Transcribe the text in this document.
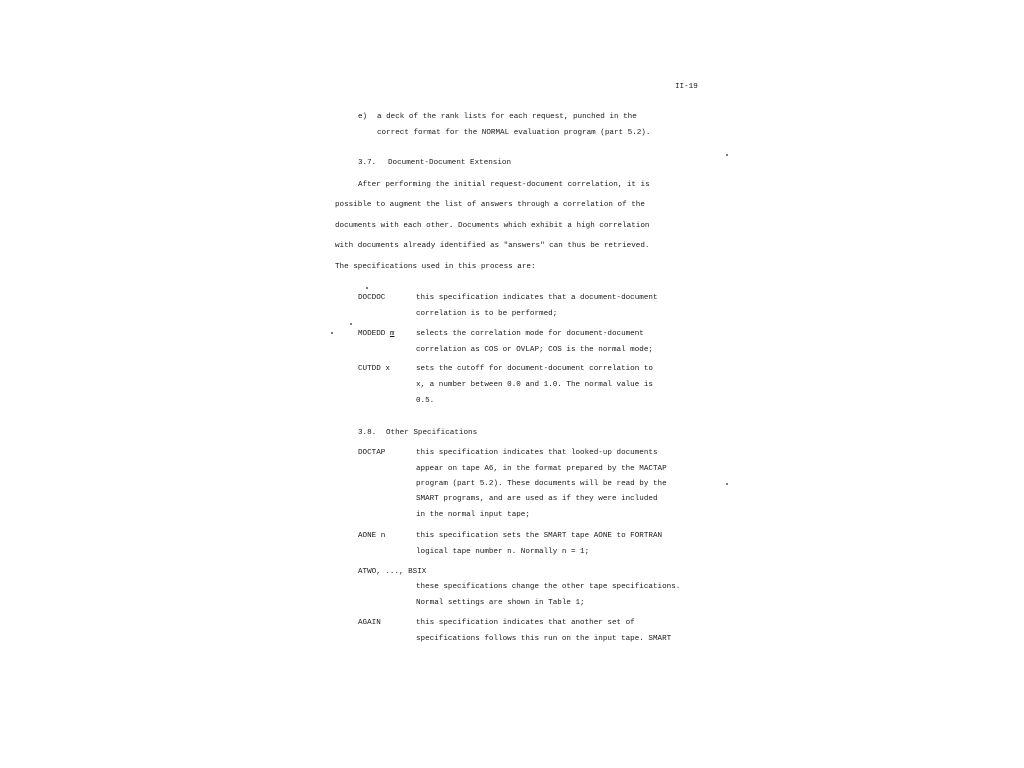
II-19

e) a deck of the rank lists for each request, punched in the

correct format for the NORMAL evaluation program (part 5.2).

3.7. Document-Document Extension

After performing the initial request-document correlation, it is

possible to augment the list of answers through a correlation of the

documents with each other. Documents which exhibit a high correlation

with documents already identified as "answers" can thus be retrieved.

The specifications used in this process are:

DOCDOC	this specification indicates that a document-document

correlation is to be performed;

MODEDD m	selects the correlation mode for document-document

correlation as COS or OVLAP; COS is the normal mode;

CUTDD x	sets the cutoff for document-document correlation to

x, a number between 0.0 and 1.0. The normal value is

0.5.

3.8. Other Specifications

DOCTAP	this specification indicates that looked-up documents

appear on tape A6, in the format prepared by the MACTAP

program (part 5.2). These documents will be read by the

SMART programs, and are used as if they were included

in the normal input tape;

AONE n	this specification sets the SMART tape AONE to FORTRAN

logical tape number n. Normally n = 1;

ATWO, ..., BSIX

these specifications change the other tape specifications.

Normal settings are shown in Table 1;

AGAIN	this specification indicates that another set of

specifications follows this run on the input tape. SMART
